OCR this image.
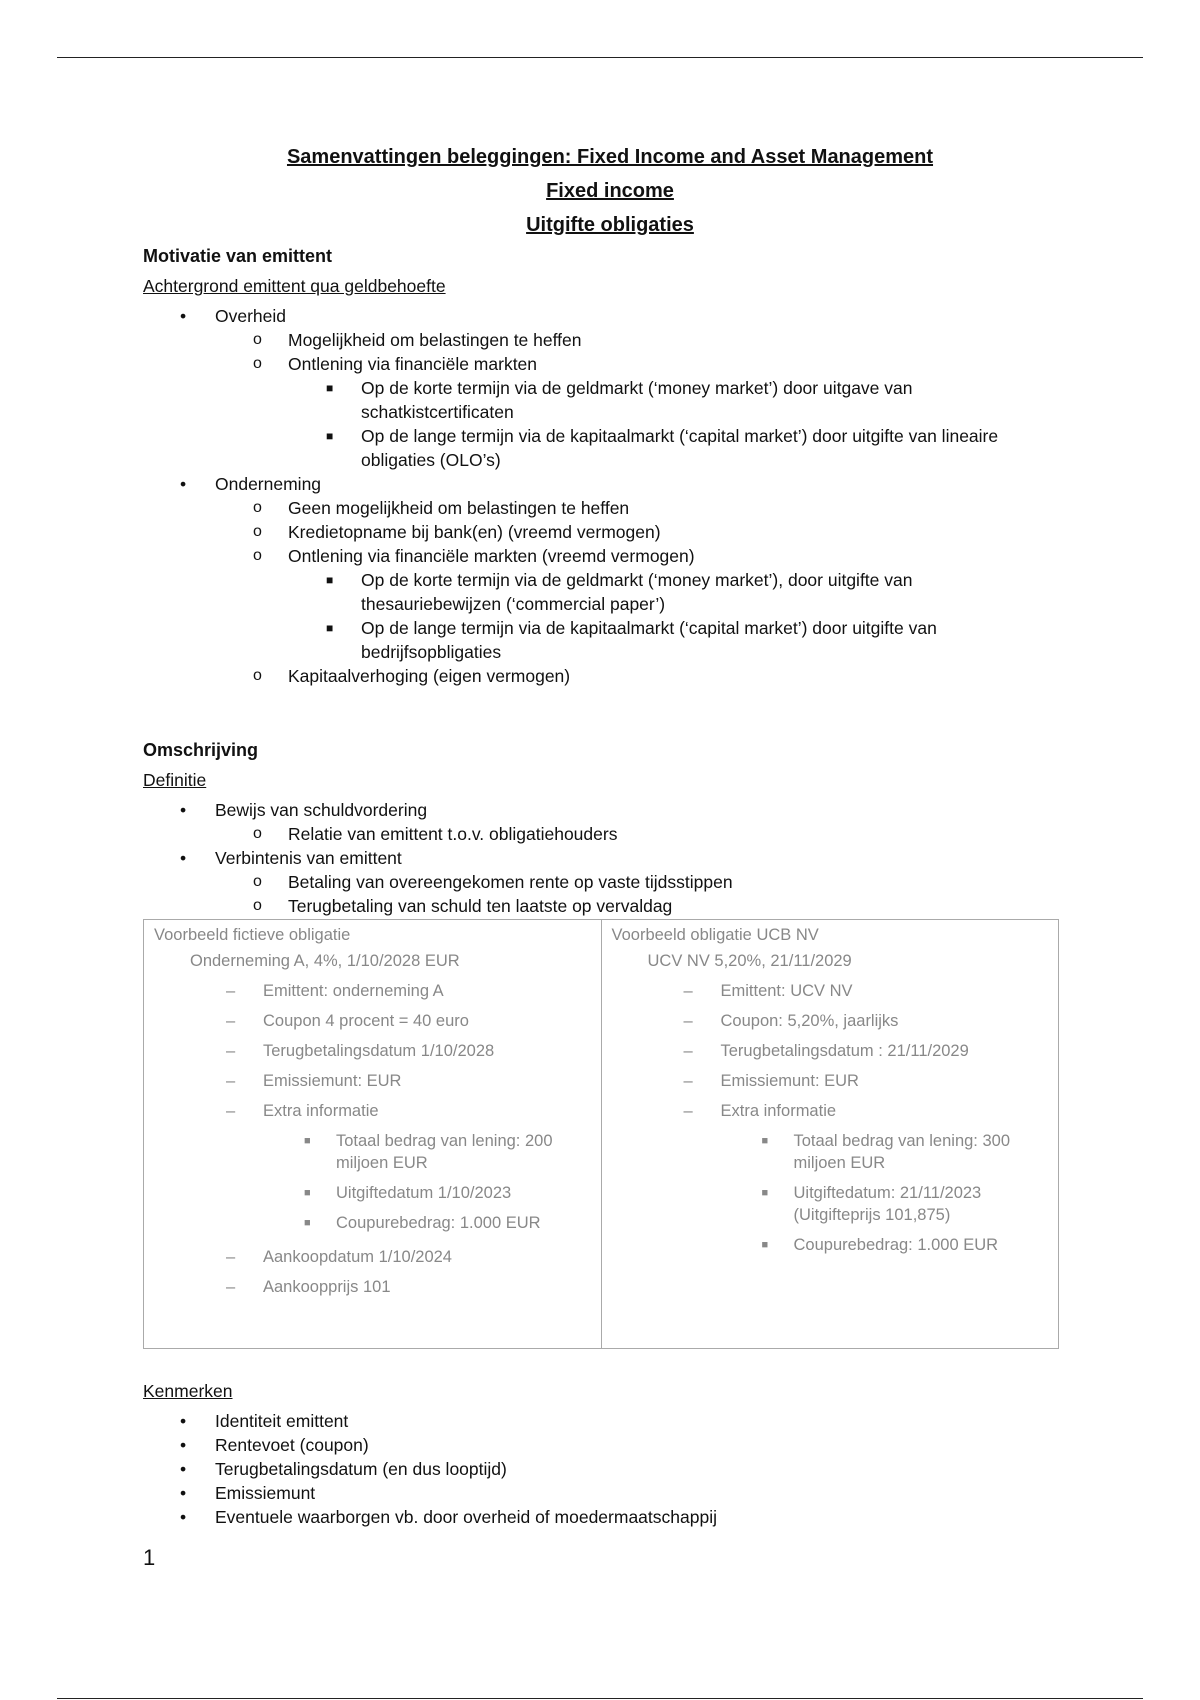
Samenvattingen beleggingen: Fixed Income and Asset Management

Fixed income

Uitgifte obligaties

Motivatie van emittent

Achtergrond emittent qua geldbehoefte

• Overheid
o Mogelijkheid om belastingen te heffen
o Ontlening via financiële markten
■ Op de korte termijn via de geldmarkt (‘money market’) door uitgave van schatkistcertificaten
■ Op de lange termijn via de kapitaalmarkt (‘capital market’) door uitgifte van lineaire obligaties (OLO’s)
• Onderneming
o Geen mogelijkheid om belastingen te heffen
o Kredietopname bij bank(en) (vreemd vermogen)
o Ontlening via financiële markten (vreemd vermogen)
■ Op de korte termijn via de geldmarkt (‘money market’), door uitgifte van thesauriebewijzen (‘commercial paper’)
■ Op de lange termijn via de kapitaalmarkt (‘capital market’) door uitgifte van bedrijfsopbligaties
o Kapitaalverhoging (eigen vermogen)

Omschrijving

Definitie

• Bewijs van schuldvordering
o Relatie van emittent t.o.v. obligatiehouders
• Verbintenis van emittent
o Betaling van overeengekomen rente op vaste tijdsstippen
o Terugbetaling van schuld ten laatste op vervaldag
Voorbeeld fictieve obligatie
Onderneming A, 4%, 1/10/2028 EUR
– Emittent: onderneming A
– Coupon 4 procent = 40 euro
– Terugbetalingsdatum 1/10/2028
– Emissiemunt: EUR
– Extra informatie
■ Totaal bedrag van lening: 200 miljoen EUR
■ Uitgiftedatum 1/10/2023
■ Coupurebedrag: 1.000 EUR
– Aankoopdatum 1/10/2024
– Aankoopprijs 101
Voorbeeld obligatie UCB NV
UCV NV 5,20%, 21/11/2029
– Emittent: UCV NV
– Coupon: 5,20%, jaarlijks
– Terugbetalingsdatum : 21/11/2029
– Emissiemunt: EUR
– Extra informatie
■ Totaal bedrag van lening: 300 miljoen EUR
■ Uitgiftedatum: 21/11/2023 (Uitgifteprijs 101,875)
■ Coupurebedrag: 1.000 EUR

Kenmerken

• Identiteit emittent
• Rentevoet (coupon)
• Terugbetalingsdatum (en dus looptijd)
• Emissiemunt
• Eventuele waarborgen vb. door overheid of moedermaatschappij
1
